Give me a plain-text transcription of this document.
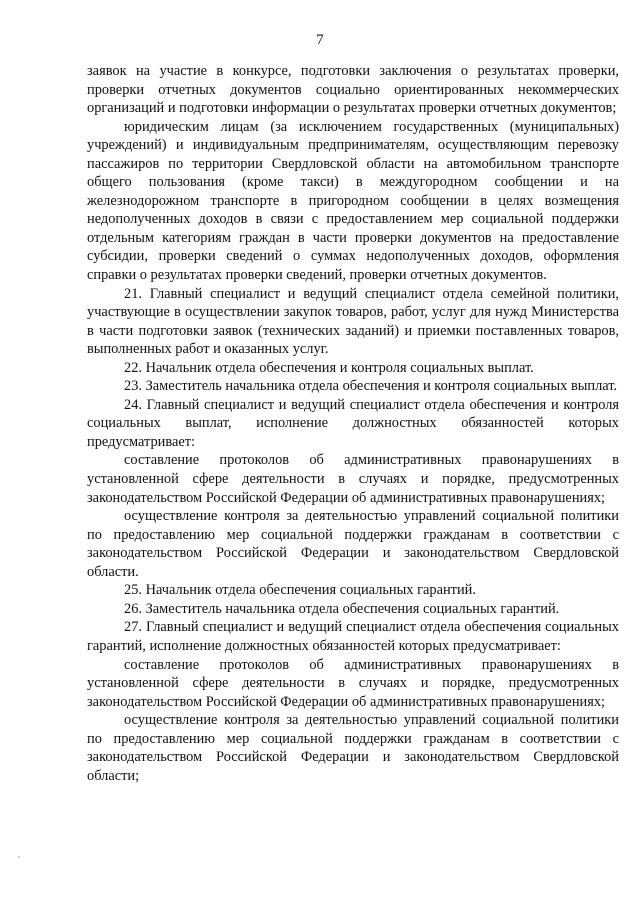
7

заявок на участие в конкурсе, подготовки заключения о результатах проверки, проверки отчетных документов социально ориентированных некоммерческих организаций и подготовки информации о результатах проверки отчетных документов;

юридическим лицам (за исключением государственных (муниципальных) учреждений) и индивидуальным предпринимателям, осуществляющим перевозку пассажиров по территории Свердловской области на автомобильном транспорте общего пользования (кроме такси) в междугородном сообщении и на железнодорожном транспорте в пригородном сообщении в целях возмещения недополученных доходов в связи с предоставлением мер социальной поддержки отдельным категориям граждан в части проверки документов на предоставление субсидии, проверки сведений о суммах недополученных доходов, оформления справки о результатах проверки сведений, проверки отчетных документов.

21. Главный специалист и ведущий специалист отдела семейной политики, участвующие в осуществлении закупок товаров, работ, услуг для нужд Министерства в части подготовки заявок (технических заданий) и приемки поставленных товаров, выполненных работ и оказанных услуг.

22. Начальник отдела обеспечения и контроля социальных выплат.

23. Заместитель начальника отдела обеспечения и контроля социальных выплат.

24. Главный специалист и ведущий специалист отдела обеспечения и контроля социальных выплат, исполнение должностных обязанностей которых предусматривает:

составление протоколов об административных правонарушениях в установленной сфере деятельности в случаях и порядке, предусмотренных законодательством Российской Федерации об административных правонарушениях;

осуществление контроля за деятельностью управлений социальной политики по предоставлению мер социальной поддержки гражданам в соответствии с законодательством Российской Федерации и законодательством Свердловской области.

25. Начальник отдела обеспечения социальных гарантий.

26. Заместитель начальника отдела обеспечения социальных гарантий.

27. Главный специалист и ведущий специалист отдела обеспечения социальных гарантий, исполнение должностных обязанностей которых предусматривает:

составление протоколов об административных правонарушениях в установленной сфере деятельности в случаях и порядке, предусмотренных законодательством Российской Федерации об административных правонарушениях;

осуществление контроля за деятельностью управлений социальной политики по предоставлению мер социальной поддержки гражданам в соответствии с законодательством Российской Федерации и законодательством Свердловской области;
